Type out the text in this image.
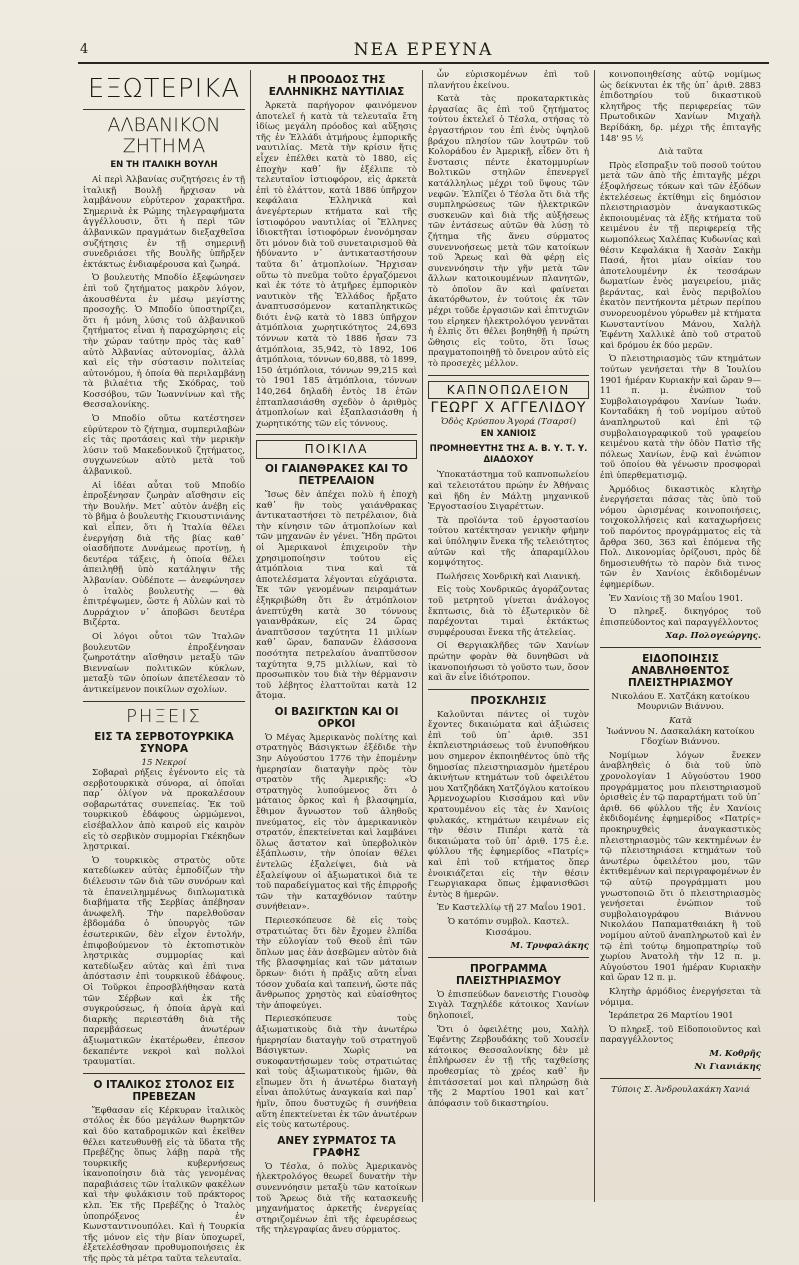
4	ΝΕΑ ΕΡΕΥΝΑ
ΕΞΩΤΕΡΙΚΑ
ΑΛΒΑΝΙΚΟΝ ΖΗΤΗΜΑ
ΕΝ ΤΗ ΙΤΑΛΙΚΗ ΒΟΥΛΗ

Αἱ περὶ Ἀλβανίας συζητήσεις ἐν τῇ ἰταλικῇ Βουλῇ ἤρχισαν νὰ λαμβάνουν εὐρύτερον χαρακτῆρα. Σημερινὰ ἐκ Ρώμης τηλεγραφήματα ἀγγέλλουσιν, ὅτι ἡ περὶ τῶν ἀλβανικῶν πραγμάτων διεξαχθεῖσα συζήτησις ἐν τῇ σημερινῇ συνεδριάσει τῆς Βουλῆς ὑπῆρξεν ἐκτάκτως ἐνδιαφέρουσα καὶ ζωηρά.

Ὁ βουλευτὴς Μποδίο ἐξεφώνησεν ἐπὶ τοῦ ζητήματος μακρὸν λόγον, ἀκουσθέντα ἐν μέσῳ μεγίστης προσοχῆς. Ὁ Μποδίο ὑποστηρίζει, ὅτι ἡ μόνη λύσις τοῦ ἀλβανικοῦ ζητήματος εἶναι ἡ παραχώρησις εἰς τὴν χώραν ταύτην πρὸς τὰς καθ᾿ αὑτὸ Ἀλβανίας αὐτονομίας, ἀλλὰ καὶ εἰς τὴν σύστασιν πολιτείας αὐτονόμου, ἡ ὁποία θὰ περιλαμβάνῃ τὰ βιλαέτια τῆς Σκόδρας, τοῦ Κοσσόβου, τῶν Ἰωαννίνων καὶ τῆς Θεσσαλονίκης.

Ὁ Μποδίο οὕτω κατέστησεν εὐρύτερον τὸ ζήτημα, συμπεριλαβὼν εἰς τὰς προτάσεις καὶ τὴν μερικὴν λύσιν τοῦ Μακεδονικοῦ ζητήματος, συγχωνεύων αὐτὸ μετὰ τοῦ ἀλβανικοῦ.

Αἱ ἰδέαι αὗται τοῦ Μποδίο ἐπροξένησαν ζωηρὰν αἴσθησιν εἰς τὴν Βουλήν. Μετ᾿ αὐτὸν ἀνέβη εἰς τὸ βῆμα ὁ βουλευτὴς Γκιουστινιάνης καὶ εἶπεν, ὅτι ἡ Ἰταλία θέλει ἐνεργήσῃ διὰ τῆς βίας καθ᾿ οἱασδήποτε Δυνάμεως προτίνῃ, ἡ δευτέρα τάξεις, ἡ ὁποία θέλει ἀπειληθῇ ὑπὸ κατάληψιν τῆς Ἀλβανίαν. Οὐδέποτε — ἀνεφώνησεν ὁ ἰταλὸς βουλευτὴς — θὰ ἐπιτρέψωμεν, ὥστε ἡ Αὐλὼν καὶ τὸ Δυρράχιον ν᾿ ἀποβῶσι δευτέρα Βιζέρτα.

Οἱ λόγοι οὗτοι τῶν Ἰταλῶν βουλευτῶν ἐπροξένησαν ζωηροτάτην αἴσθησιν μεταξὺ τῶν Βιενναίων πολιτικῶν κύκλων, μεταξὺ τῶν ὁποίων ἀπετέλεσαν τὸ ἀντικείμενον ποικίλων σχολίων.

ΡΗΞΕΙΣ
ΕΙΣ ΤΑ ΣΕΡΒΟΤΟΥΡΚΙΚΑ ΣΥΝΟΡΑ
15 Νεκροί

Σοβαραὶ ρήξεις ἐγένοντο εἰς τὰ σερβοτουρκικὰ σύνορα, αἱ ὁποῖαι παρ᾿ ὀλίγον νὰ προκαλέσουν σοβαρωτάτας συνεπείας. Ἐκ τοῦ τουρκικοῦ ἐδάφους ὡρμώμενοι, εἰσέβαλλον ἀπὸ καιροῦ εἰς καιρὸν εἰς τὸ σερβικὸν συμμορίαι Γκέκηδων λῃστρικαί.

Ὁ τουρκικὸς στρατὸς οὔτε κατεδίωκεν αὐτὰς ἐμποδίζων τὴν διέλευσιν τῶν διὰ τῶν συνόρων καὶ τὰ ἐπανειλημμένως διπλωματικὰ διαβήματα τῆς Σερβίας ἀπέβησαν ἀνωφελῆ. Τὴν παρελθοῦσαν ἑβδομάδα ὁ ὑπουργὸς τῶν ἐσωτερικῶν, δὲν εἶχον ἐντολήν, ἐπιφοβούμενον τὸ ἐκτοπιστικὸν ληστρικὰς συμμορίας καὶ κατεδίωξεν αὐτὰς καὶ ἐπὶ τινα ἀπόστασιν ἐπὶ τουρκικοῦ ἐδάφους. Οἱ Τοῦρκοι ἐπροσβλήθησαν κατὰ τῶν Σέρβων καὶ ἐκ τῆς συγκρούσεως, ἡ ὁποία ἀργὰ καὶ διαρκὴς περιεστάθη διὰ τῆς παρεμβάσεως ἀνωτέρων ἀξιωματικῶν ἑκατέρωθεν, ἐπεσον δεκαπέντε νεκροὶ καὶ πολλοὶ τραυματίαι.

Ο ΙΤΑΛΙΚΟΣ ΣΤΟΛΟΣ ΕΙΣ ΠΡΕΒΕΖΑΝ

Ἔφθασαν εἰς Κέρκυραν ἰταλικὸς στόλος ἐκ δύο μεγάλων θωρηκτῶν καὶ δύο καταδρομικῶν καὶ ἐκεῖθεν θέλει κατευθυνθῇ εἰς τὰ ὕδατα τῆς Πρεβέζης ὅπως λάβῃ παρὰ τῆς τουρκικῆς κυβερνήσεως ἱκανοποίησιν διὰ τὰς γενομένας παραβιάσεις τῶν ἰταλικῶν φακέλων καὶ τὴν φυλάκισιν τοῦ πράκτορος κλπ. Ἐκ τῆς Πρεβέζης ὁ Ἰταλὸς ὑποπρόξενος ἐν Κωνσταντινουπόλει. Καὶ ἡ Τουρκία τῆς μόνον εἰς τὴν βίαν ὑποχωρεῖ, ἐξετελέσθησαν προθυμοποιήσεις ἐκ τῆς πρὸς τὰ μέτρα ταῦτα τελευταῖα.

Η ΠΡΟΟΔΟΣ ΤΗΣ ΕΛΛΗΝΙΚΗΣ ΝΑΥΤΙΛΙΑΣ

Ἀρκετὰ παρήγορον φαινόμενον ἀποτελεῖ ἡ κατὰ τὰ τελευταῖα ἔτη ἰδίως μεγάλη πρόοδος καὶ αὔξησις τῆς ἐν Ἑλλάδι ἀτμήρους ἐμπορικῆς ναυτιλίας. Μετὰ τὴν κρίσιν ἥτις εἶχεν ἐπέλθει κατὰ τὸ 1880, εἰς ἐποχὴν καθ᾿ ἣν ἐξέλιπε τὸ τελευταῖον ἱστιοφόρον, εἰς ἀρκετὰ ἐπὶ τὸ ἐλάττον, κατὰ 1886 ὑπῆρχον κεφάλαια Ἑλληνικὰ καὶ ἀνεγέρτερων κτήματα καὶ τῆς ἱστιοφόρου ναυτιλίας οἱ Ἕλληνες ἰδιοκτῆται ἱστιοφόρων ἐνονόμησαν ὅτι μόνον διὰ τοῦ συνεταιρισμοῦ θὰ ἠδύναντο ν᾿ ἀντικαταστήσουν ταῦτα δι᾿ ἀτμοπλοίων. Ἤρχισαν οὕτω τὸ πνεῦμα τοῦτο ἐργαζόμενοι καὶ ἐκ τότε τὸ ἀτμῆρες ἐμπορικὸν ναυτικὸν τῆς Ἑλλάδος ἤρξατο ἀναπτυσσόμενον καταπληκτικῶς διότι ἐνῷ κατὰ τὸ 1883 ὑπῆρχον ἀτμόπλοια χωρητικότητος 24,693 τόννων κατὰ τὸ 1886 ἦσαν 73 ἀτμόπλοια, 35,942, τὸ 1892, 106 ἀτμόπλοια, τόννων 60,888, τὸ 1899, 150 ἀτμόπλοια, τόννων 99,215 καὶ τὸ 1901 185 ἀτμόπλοια, τόννων 140,264 δηλαδὴ ἐντὸς 18 ἐτῶν ἐπταπλασιάσθη σχεδὸν ὁ ἀριθμὸς ἀτμοπλοίων καὶ ἑξαπλασιάσθη ἡ χωρητικότης τῶν εἰς τόννους.

ΠΟΙΚΙΛΑ
ΟΙ ΓΑΙΑΝΘΡΑΚΕΣ ΚΑΙ ΤΟ ΠΕΤΡΕΛΑΙΟΝ

Ἴσως δὲν ἀπέχει πολὺ ἡ ἐποχὴ καθ᾿ ἣν τοὺς γαιάνθρακας ἀντικαταστήσει τὸ πετρέλαιον, διὰ τὴν κίνησιν τῶν ἀτμοπλοίων καὶ τῶν μηχανῶν ἐν γένει. Ἤδη πρῶτοι οἱ Ἀμερικανοὶ ἐπιχειροῦν τὴν χρησιμοποίησιν τούτου εἰς ἀτμόπλοια τινα καὶ τὰ ἀποτελέσματα λέγονται εὐχάριστα. Ἐκ τῶν γενομένων πειραμάτων ἐξηκριβώθη ὅτι ἓν ἀτμόπλοιον ἀνεπτύχθη κατὰ 30 τόννους γαιανθράκων, εἰς 24 ὥρας ἀναπτῦσσον ταχύτητα 11 μιλίων καθ᾿ ὥραν, δαπανῶν ἐλάσσονα ποσότητα πετρελαίου ἀναπτῦσσον ταχύτητα 9,75 μιλλίων, καὶ τὸ προσωπικὸν του διὰ τὴν θέρμανσιν τοῦ λέβητος ἐλαττοῦται κατὰ 12 ἄτομα.

ΟΙ ΒΑΣΙΓΚΤΩΝ ΚΑΙ ΟΙ ΟΡΚΟΙ

Ὁ Μέγας Ἀμερικανὸς πολίτης καὶ στρατηγὸς Βάσιγκτων ἐξέδιδε τὴν 3ην Αὐγούστου 1776 τὴν ἑπομένην ἡμερησίαν διαταγὴν πρὸς τὸν στρατὸν τῆς Ἀμερικῆς: «Ὁ στρατηγὸς λυπούμενος ὅτι ὁ μάταιος ὅρκος καὶ ἡ βλασφημία, ἔθιμον ἄγνωστον τοῦ ἀληθοῦς πνεύματος, εἰς τὸν ἀμερικανικὸν στρατόν, ἐπεκτείνεται καὶ λαμβάνει ὅλως ἄστατον καὶ ὑπερβολικὸν ἐξάπλωσιν, τὴν ὁποίαν θέλει ἐντελῶς ἐξαλείψει, διὰ νὰ ἐξαλείψουν οἱ ἀξιωματικοὶ διὰ τε τοῦ παραδείγματος καὶ τῆς ἐπιρροῆς τῶν τὴν καταχθόνιον ταύτην συνήθειαν».

Περιεσκόπευσε δὲ εἰς τοὺς στρατιώτας ὅτι δὲν ἔχομεν ἐλπίδα τὴν εὐλογίαν τοῦ Θεοῦ ἐπὶ τῶν ὅπλων μας ἐὰν ἀσεβῶμεν αὐτὸν διὰ τῆς βλασφημίας καὶ τῶν μάταιων ὅρκων· διότι ἡ πρᾶξις αὕτη εἶναι τόσον χυδαία καὶ ταπεινή, ὥστε πᾶς ἄνθρωπος χρηστὸς καὶ εὐαίσθητος τὴν ἀποφεύγει.

Περιεσκόπευσε τοὺς ἀξιωματικοὺς διὰ τὴν ἀνωτέρω ἡμερησίαν διαταγὴν τοῦ στρατηγοῦ Βάσιγκτων. Χωρὶς να συκοφαντήσωμεν τοὺς στρατιώτας καὶ τοὺς ἀξιωματικοὺς ἡμῶν, θὰ εἴπωμεν ὅτι ἡ ἀνωτέρω διαταγὴ εἶναι ἀπολύτως ἀναγκαία καὶ παρ᾿ ἡμῖν, ὅπου δυστυχῶς ἡ συνήθεια αὕτη ἐπεκτείνεται ἐκ τῶν ἀνωτέρων εἰς τοὺς κατωτέρους.

ΑΝΕΥ ΣΥΡΜΑΤΟΣ ΤΑ ΓΡΑΦΗΣ

Ὁ Τέσλα, ὁ πολὺς Ἀμερικανὸς ἠλεκτρολόγος θεωρεῖ δυνατὴν τὴν συνεννόησιν μεταξὺ τῶν κατοίκων τοῦ Ἄρεως διὰ τῆς κατασκευῆς μηχανήματος ἀρκετῆς ἐνεργείας στηριζομένων ἐπὶ τῆς ἐφευρέσεως τῆς τηλεγραφίας ἄνευ σύρματος.

ὧν εὑρισκομένων ἐπὶ τοῦ πλανήτου ἐκείνου.

Κατὰ τὰς προκαταρκτικὰς ἐργασίας ἃς ἐπὶ τοῦ ζητήματος τούτου ἐκτελεῖ ὁ Τέσλα, στήσας τὸ ἐργαστήριον του ἐπὶ ἑνὸς ὑψηλοῦ βράχου πλησίον τῶν λουτρῶν τοῦ Κολοράδου ἐν Ἀμερικῇ, εἶδεν ὅτι ἡ ἔνστασις πέντε ἑκατομμυρίων Βολτικῶν στηλῶν ἐπενεργεῖ κατάλληλως μέχρι τοῦ ὕψους τῶν νεφῶν. Ἐλπίζει ὁ Τέσλα ὅτι διὰ τῆς συμπληρώσεως τῶν ἠλεκτρικῶν συσκευῶν καὶ διὰ τῆς αὐξήσεως τῶν ἐντάσεως αὐτῶν θὰ λύσῃ τὸ ζήτημα τῆς ἄνευ σύρματος συνεννοήσεως μετὰ τῶν κατοίκων τοῦ Ἄρεως καὶ θὰ φέρῃ εἰς συνεννόησιν τὴν γῆν μετὰ τῶν ἄλλων κατοικουμένων πλανητῶν, τὸ ὁποῖον ἂν καὶ φαίνεται ἀκατόρθωτον, ἐν τούτοις ἐκ τῶν μέχρι τοῦδε ἐργασιῶν καὶ ἐπιτυχιῶν του εἰρηκεν ἠλεκτρολόγου γεννᾶται ἡ ἐλπὶς ὅτι θέλει βοηθηθῇ ἡ πρώτη ὤθησις εἰς τοῦτο, ὅτι ἴσως πραγματοποιηθῇ τὸ ὄνειρον αὐτὸ εἰς τὸ προσεχὲς μέλλον.

ΚΑΠΝΟΠΩΛΕΙΟΝ
ΓΕΩΡΓ Χ ΑΓΓΕΛΙΔΟΥ
Ὁδὸς Κρύσπου Ἀγορά (Τσαρσί)
ΕΝ ΧΑΝΙΟΙΣ
ΠΡΟΜΗΘΕΥΤΗΣ ΤΗΣ Α. Β. Υ. Τ. Υ. ΔΙΑΔΟΧΟΥ

Ὑποκατάστημα τοῦ καπνοπωλείου καὶ τελειοτάτου πρώην ἐν Ἀθήναις καὶ ἤδη ἐν Μάλτῃ μηχανικοῦ Ἐργοστασίου Σιγαρέττων.

Τὰ προϊόντα τοῦ ἐργοστασίου τούτου κατέκτησαν γενικὴν φήμην καὶ ὑπόληψιν ἕνεκα τῆς τελειότητος αὐτῶν καὶ τῆς ἀπαραμίλλου κομψότητος.

Πωλήσεις Χονδρικὴ καὶ Λιανική.

Εἰς τοὺς Χονδρικῶς ἀγοράζοντας τοῦ μετρητοῦ γίνεται ἀνάλογος ἔκπτωσις, διὰ τὸ ἐξωτερικὸν δὲ παρέχονται τιμαὶ ἐκτάκτως συμφέρουσαι ἕνεκα τῆς ἀτελείας.

Οἱ Θεργιακλῆδες τῶν Χανίων πρώτην φορὰν θὰ δυνηθῶσι νὰ ἱκανοποιήσωσι τὸ γοῦστο των, ὅσον καὶ ἂν εἶνε ἰδιότροπον.

ΠΡΟΣΚΛΗΣΙΣ

Καλοῦνται πάντες οἱ τυχὸν ἔχοντες δικαιώματα καὶ ἀξιώσεις ἐπὶ τοῦ ὑπ᾿ ἀριθ. 351 ἐκπλειστηριάσεως τοῦ ἐνυποθήκου μου σημερον ἐκποιηθέντος ὑπὸ τῆς δημοσίας πλειστηριασμὸν ἡμετέρου ἀκινήτων κτημάτων τοῦ ὀφειλέτου μου Χατζηδάκη Χατζόγλου κατοίκου Ἀρμενοχωρίου Κισσάμου καὶ νῦν κρατουμένου εἰς τὰς ἐν Χανίοις φυλακάς, κτημάτων κειμένων εἰς τὴν θέσιν Πιπέρι κατὰ τὰ δικαιώματα τοῦ ὑπ᾿ ἀριθ. 175 ἐ.ε. φύλλου τῆς ἐφημερίδος «Πατρίς» καὶ ἐπὶ τοῦ κτήματος ὅπερ ἐνοικιάζεται εἰς τὴν θέσιν Γεωργιακαρα ὅπως ἐμφανισθῶσι ἐντὸς 8 ἡμερῶν.

Ἐν Καστελλίῳ τῇ 27 Μαΐου 1901.

Ὁ κατόπιν συμβολ. Καστελ. Κισσάμου.

Μ. Τρυφαλάκης
ΠΡΟΓΡΑΜΜΑ ΠΛΕΙΣΤΗΡΙΑΣΜΟΥ

Ὁ ἐπισπεύδων δανειστὴς Γιουσὸφ Σιγὰλ Ταχηλέδε κάτοικος Χανίων δηλοποιεῖ,

Ὅτι ὁ ὀφειλέτης μου, Χαλὴλ Ἐφέντης Ζερβουδάκης τοῦ Χουσεΐν κάτοικος Θεσσαλονίκης δὲν μὲ ἐπλήρωσεν ἐν τῇ τῆς ταχθείσης προθεσμίας τὸ χρέος καθ᾿ ἣν ἐπιτάσσεταί μοι καὶ πληρώσῃ διὰ τῆς 2 Μαρτίου 1901 καὶ κατ᾿ ἀπόφασιν τοῦ δικαστηρίου.

κοινοποιηθείσης αὐτῷ νομίμως ὡς δείκνυται ἐκ τῆς ὑπ᾿ ἀριθ. 2883 ἐπιδοτηρίου τοῦ δικαστικοῦ κλητῆρος τῆς περιφερείας τῶν Πρωτοδικῶν Χανίων Μιχαὴλ Βερίδάκη, δρ. μέχρι τῆς ἐπιταγῆς 148' 95 ½

Διὰ ταῦτα

Πρὸς εἴσπραξιν τοῦ ποσοῦ τούτου μετὰ τῶν ἀπὸ τῆς ἐπιταγῆς μέχρι ἐξοφλήσεως τόκων καὶ τῶν ἐξόδων ἐκτελέσεως ἐκτίθημι εἰς δημόσιον πλειστηριασμὸν ἀναγκαστικῶς ἐκποιουμένας τὰ ἑξῆς κτήματα τοῦ κειμένου ἐν τῇ περιφερείᾳ τῆς κωμοπόλεως Χαλέπας Κυδωνίας καὶ θέσιν Κεφαλάκια ἢ Χασὰν Σακὴμ Πασά, ἤτοι μίαν οἰκίαν του ἀποτελουμένην ἐκ τεσσάρων δωματίων ἐνὸς μαγειρείου, μιᾶς βεράντας, καὶ ἐνὸς περιβολίου ἐκατὸν πεντήκοντα μέτρων περίπου συνορευομένου γύρωθεν μὲ κτήματα Κωνσταντίνου Μάνου, Χαλὴλ Ἐφέντη Χαλλικὲ ἀπὸ τοῦ στρατοῦ καὶ δρόμου ἐκ δύο μερῶν.

Ὁ πλειστηριασμὸς τῶν κτημάτων τούτων γενήσεται τὴν 8 Ἰουλίου 1901 ἡμέραν Κυριακὴν καὶ ὥραν 9—11 π. μ. ἐνώπιον τοῦ Συμβολαιογράφου Χανίων Ἰωάν. Κονταδάκη ἡ τοῦ νομίμου αὐτοῦ ἀναπληρωτοῦ καὶ ἐπὶ τῷ συμβολαιογραφικοῦ τοῦ γραφείου κειμένου κατὰ τὴν ὁδὸν Πατὶσ τῆς πόλεως Χανίων, ἐνῷ καὶ ἐνώπιον τοῦ ὁποίου θὰ γένωσιν προσφοραὶ ἐπὶ ὑπερθεματισμῷ.

Ἀρμόδιος δικαστικὸς κλητὴρ ἐνεργήσεται πάσας τὰς ὑπὸ τοῦ νόμου ὡρισμένας κοινοποιήσεις, τοιχοκολλήσεις καὶ καταχωρήσεις τοῦ παρόντος προγράμματος εἰς τὰ ἄρθρα 360, 363 καὶ ἑπόμενα τῆς Πολ. Δικονομίας ὁρίζουσι, πρὸς δὲ δημοσιευθήτω τὸ παρὸν διὰ τινος τῶν ἐν Χανίοις ἐκδιδομένων ἐφημερίδων.

Ἐν Χανίοις τῇ 30 Μαΐου 1901.

Ὁ πληρεξ. δικηγόρος τοῦ ἐπισπεύδοντος καὶ παραγγέλλοντος

Χαρ. Πολογεώργης.
ΕΙΔΟΠΟΙΗΣΙΣ ΑΝΑΒΛΗΘΕΝΤΟΣ ΠΛΕΙΣΤΗΡΙΑΣΜΟΥ

Νικολάου Ε. Χατζάκη κατοίκου Μουρνιῶν Βιάννου.

Κατὰ

Ἰωάννου Ν. Δασκαλάκη κατοίκου Γδοχίων Βιάννου.

Νομίμων λόγων ἕνεκεν ἀναβληθεὶς ὁ διὰ τοῦ ὑπὸ χρονολογίαν 1 Αὐγούστου 1900 προγράμματος μου πλειστηριασμοῦ ὁρισθεὶς ἐν τῷ παραρτήματι τοῦ ὑπ᾿ ἀριθ. 66 φύλλου τῆς ἐν Χανίοις ἐκδιδομένης ἐφημερίδος «Πατρίς» προκηρυχθεὶς ἀναγκαστικὸς πλειστηριασμὸς τῶν κεκτημένων ἐν τῷ πλειστηριάσει κτημάτων τοῦ ἀνωτέρω ὀφειλέτου μου, τῶν ἐκτιθεμένων καὶ περιγραφομένων ἐν τῷ αὐτῷ προγράμματι μου γνωστοποιῶ ὅτι ὁ πλειστηριασμὸς γενήσεται ἐνώπιον τοῦ συμβολαιογράφου Βιάννου Νικολάου Παπαματθαιάκη ἢ τοῦ νομίμου αὐτοῦ ἀναπληρωτοῦ καὶ ἐν τῷ ἐπὶ τούτῳ δημοπρατηρίῳ τοῦ χωρίου Ἀνατολὴ τὴν 12 π. μ. Αὐγούστου 1901 ἡμέραν Κυριακὴν καὶ ὥραν 12 π. μ.

Κλητὴρ ἁρμόδιος ἐνεργήσεται τὰ νόμιμα.

Ἱεράπετρα 26 Μαρτίου 1901

Ὁ πληρεξ. τοῦ Εἰδοποιοῦντος καὶ παραγγέλλοντος

Μ. Κοθρῆς
Νι Γιανιάκης
Τύποις Σ. Ἀνδρουλακάκη Χανιά
